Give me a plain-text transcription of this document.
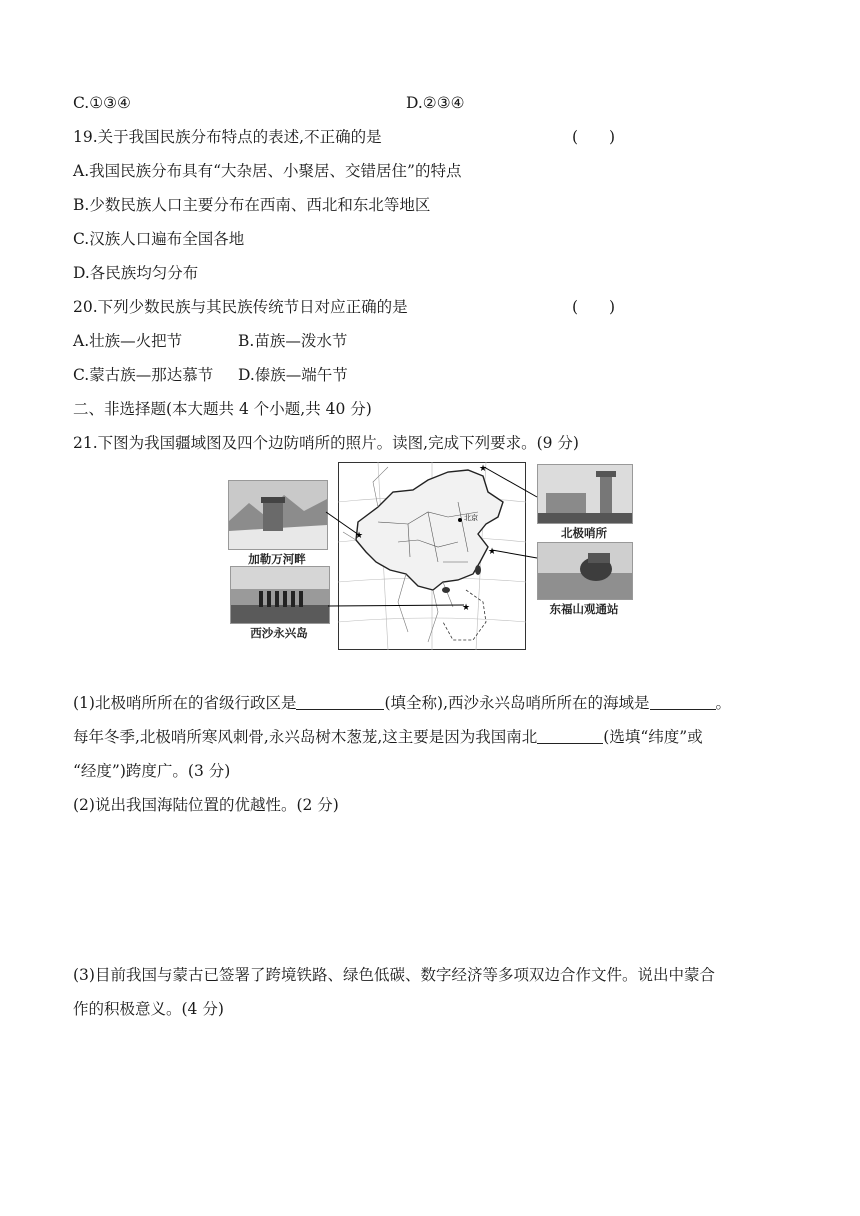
C.①③④	D.②③④
19.关于我国民族分布特点的表述,不正确的是	(　　)
A.我国民族分布具有“大杂居、小聚居、交错居住”的特点
B.少数民族人口主要分布在西南、西北和东北等地区
C.汉族人口遍布全国各地
D.各民族均匀分布
20.下列少数民族与其民族传统节日对应正确的是	(　　)
A.壮族—火把节	B.苗族—泼水节
C.蒙古族—那达慕节 D.傣族—端午节
二、非选择题(本大题共 4 个小题,共 40 分)
21.下图为我国疆域图及四个边防哨所的照片。读图,完成下列要求。(9 分)
北京
★
★
★
★
加勒万河畔
西沙永兴岛
北极哨所
东福山观通站
(1)北极哨所所在的省级行政区是	(填全称),西沙永兴岛哨所所在的海域是	。
每年冬季,北极哨所寒风刺骨,永兴岛树木葱茏,这主要是因为我国南北	(选填“纬度”或
“经度”)跨度广。(3 分)
(2)说出我国海陆位置的优越性。(2 分)
(3)目前我国与蒙古已签署了跨境铁路、绿色低碳、数字经济等多项双边合作文件。说出中蒙合
作的积极意义。(4 分)
